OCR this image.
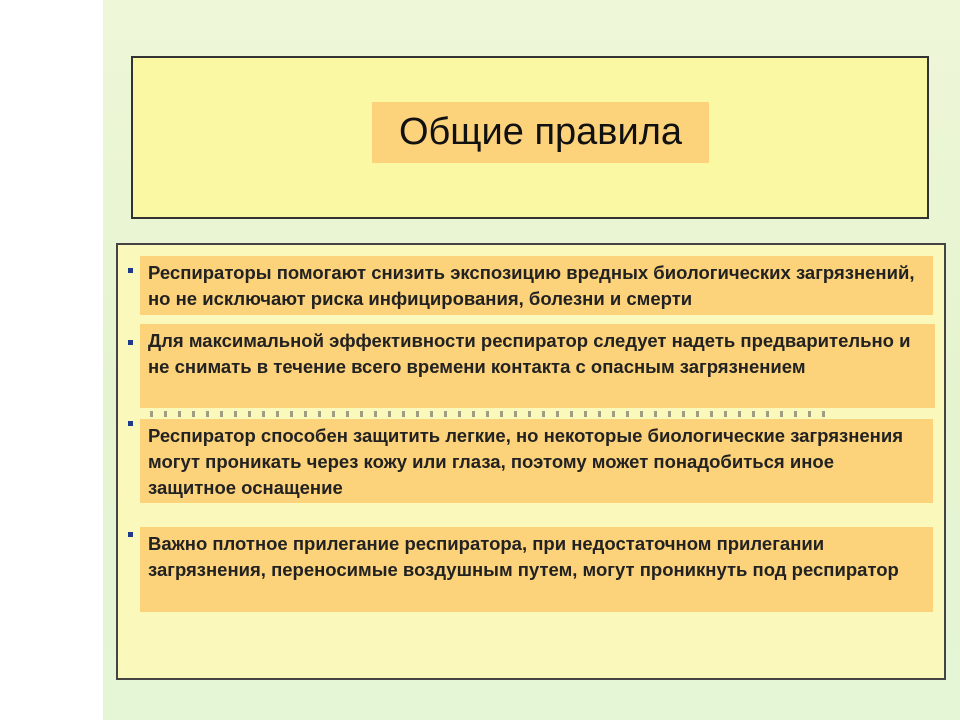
Общие правила
Респираторы помогают снизить экспозицию вредных биологических загрязнений, но не исключают риска инфицирования, болезни и смерти
Для максимальной эффективности респиратор следует надеть предварительно и не снимать в течение всего времени контакта с опасным загрязнением
Респиратор способен защитить легкие, но некоторые биологические загрязнения могут проникать через кожу или глаза, поэтому может понадобиться иное защитное оснащение
Важно плотное прилегание респиратора, при недостаточном прилегании загрязнения, переносимые воздушным путем, могут проникнуть под респиратор
